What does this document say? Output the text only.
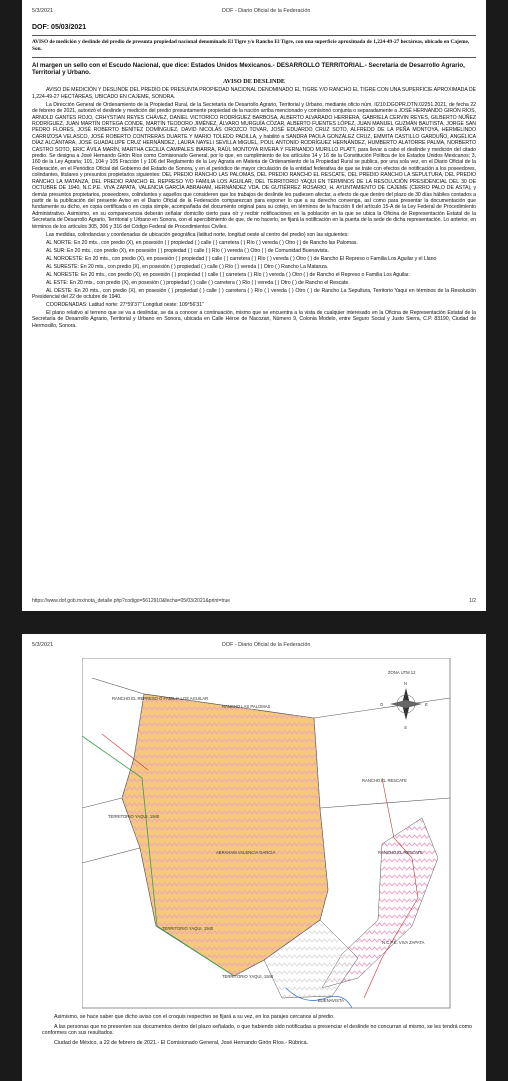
5/3/2021	DOF - Diario Oficial de la Federación
DOF: 05/03/2021
AVISO de medición y deslinde del predio de presunta propiedad nacional denominado El Tigre y/o Rancho El Tigre, con una superficie aproximada de 1,224-49-27 hectáreas, ubicado en Cajeme, Son.
Al margen un sello con el Escudo Nacional, que dice: Estados Unidos Mexicanos.- DESARROLLO TERRITORIAL.- Secretaría de Desarrollo Agrario, Territorial y Urbano.
AVISO DE DESLINDE

AVISO DE MEDICIÓN Y DESLINDE DEL PREDIO DE PRESUNTA PROPIEDAD NACIONAL DENOMINADO EL TIGRE Y/O RANCHO EL TIGRE CON UNA SUPERFICIE APROXIMADA DE 1,224-49-27 HECTÁREAS, UBICADO EN CAJEME, SONORA.

La Dirección General de Ordenamiento de la Propiedad Rural, de la Secretaría de Desarrollo Agrario, Territorial y Urbano, mediante oficio núm. II210.DGOPR.DTN.02251.2021, de fecha 22 de febrero de 2021, autorizó el deslinde y medición del predio presuntamente propiedad de la nación arriba mencionado y comisionó conjunta o separadamente a JOSÉ HERNANDO GIRÓN RÍOS, ARNOLD GANTES ROJO, CRHYSTIAN REYES CHÁVEZ, DANIEL VICTORICO RODRÍGUEZ BARBOSA, ALBERTO ALVARADO HERRERA, GABRIELA CERVIN REYES, GILBERTO NÚÑEZ RODRÍGUEZ, JUAN MARTÍN ORTEGA CONDE, MARTÍN TEODORO JIMÉNEZ, ÁLVARO MURGUÍA CÓZAR, ALBERTO FUENTES LÓPEZ, JUAN MANUEL GUZMÁN BAUTISTA, JORGE SAN PEDRO FLORES, JOSÉ ROBERTO BENÍTEZ DOMÍNGUEZ, DAVID NICOLÁS OROZCO TOVAR, JOSÉ EDUARDO CRUZ SOTO, ALFREDO DE LA PEÑA MONTOYA, HERMELINDO CARRIZOSA VELASCO, JOSÉ ROBERTO CONTRERAS DUARTE Y MARIO TOLEDO PADILLA, y habilitó a SANDRA PAOLA GONZÁLEZ CRUZ, EMMITA CASTILLO GARDUÑO, ANGÉLICA DÍAZ ALCÁNTARA, JOSÉ GUADALUPE CRUZ HERNÁNDEZ, LAURA NAYELI SEVILLA MIGUEL, POUL ANTONIO RODRÍGUEZ HERNÁNDEZ, HUMBERTO ALATORRE PALMA, NORBERTO CASTRO SOTO, ERIC ÁVILA MARÍN, MARTHA CECILIA CAMPALES IBARRA, RAÚL MONTOYA RIVERA Y FERNANDO MURILLO PLATT, para llevar a cabo el deslinde y medición del citado predio. Se designa a José Hernando Girón Ríos como Comisionado General, por lo que, en cumplimiento de los artículos 14 y 16 de la Constitución Política de los Estados Unidos Mexicanos; 3, 160 de la Ley Agraria; 101, 104 y 105 Fracción I y 106 del Reglamento de la Ley Agraria en Materia de Ordenamiento de la Propiedad Rural se publica, por una sola vez, en el Diario Oficial de la Federación, en el Periódico Oficial del Gobierno del Estado de Sonora, y en el periódico de mayor circulación de la entidad federativa de que se trate con efectos de notificación a los poseedores, colindantes, titulares y presuntos propietarios siguientes: DEL PREDIO RANCHO LAS PALOMAS, DEL PREDIO RANCHO EL RESCATE, DEL PREDIO RANCHO LA SEPULTURA, DEL PREDIO RANCHO LA MATANZA, DEL PREDIO RANCHO EL REPRESO Y/O FAMILIA LOS AGUILAR, DEL TERRITORIO YAQUI EN TÉRMINOS DE LA RESOLUCIÓN PRESIDENCIAL DEL 30 DE OCTUBRE DE 1940, N.C.P.E. VIVA ZAPATA, VALENCIA GARCÍA ABRAHAM, HERNÁNDEZ VDA. DE GUTIÉRREZ ROSARIO, H. AYUNTAMIENTO DE CAJEME (CERRO PALO DE ASTA), y demás presuntos propietarios, poseedores, colindantes y aquellos que consideren que los trabajos de deslinde les pudiesen afectar, a efecto de que dentro del plazo de 30 días hábiles contados a partir de la publicación del presente Aviso en el Diario Oficial de la Federación comparezcan para exponer lo que a su derecho convenga, así como para presentar la documentación que fundamente su dicho, en copia certificada o en copia simple, acompañada del documento original para su cotejo, en términos de la fracción II del artículo 15-A de la Ley Federal de Procedimiento Administrativo. Asimismo, en su comparecencia deberán señalar domicilio cierto para oír y recibir notificaciones en la población en la que se ubica la Oficina de Representación Estatal de la Secretaría de Desarrollo Agrario, Territorial y Urbano en Sonora, con el apercibimiento de que, de no hacerlo, se fijará la notificación en la puerta de la sede de dicha representación. Lo anterior, en términos de los artículos 305, 306 y 316 del Código Federal de Procedimientos Civiles.

Las medidas, colindancias y coordenadas de ubicación geográfica (latitud norte, longitud oeste al centro del predio) son las siguientes:

AL NORTE: En 20 mts., con predio (X), en posesión ( ) propiedad ( ) calle ( ) carretera ( ) Río ( ) vereda ( ) Otro ( ) de Rancho las Palomas.

AL SUR: En 20 mts., con predio (X), en posesión ( ) propiedad ( ) calle ( ) Río ( ) vereda ( ) Otro ( ) de Comunidad Buenavista.

AL NOROESTE: En 20 mts., con predio (X), en posesión ( ) propiedad ( ) calle ( ) carretera ( ) Río ( ) vereda ( ) Otro ( ) de Rancho El Represo o Familia Los Aguilar y el Llano

AL SURESTE: En 20 mts., con predio (X), en posesión ( ) propiedad ( ) calle ( ) Río ( ) vereda ( ) Otro ( ) Rancho La Matanza.

AL NORESTE: En 20 mts., con predio (X), en posesión ( ) propiedad ( ) calle ( ) carretera ( ) Río ( ) vereda ( ) Otro ( ) de Rancho el Represo o Familia Los Aguilar.

AL ESTE: En 20 mts., con predio (X), en posesión ( ) propiedad ( ) calle ( ) carretera ( ) Río ( ) vereda ( ) Otro ( ) de Rancho el Rescate.

AL OESTE: En 20 mts., con predio (X), en posesión ( ) propiedad ( ) calle ( ) carretera ( ) Río ( ) vereda ( ) Otro ( ) de Rancho La Sepultura, Territorio Yaqui en términos de la Resolución Presidencial del 22 de octubre de 1940.

COORDENADAS: Latitud norte: 27°59'37" Longitud oeste: 109°56'31"

El plano relativo al terreno que se va a deslindar, se da a conocer a continuación, mismo que se encuentra a la vista de cualquier interesado en la Oficina de Representación Estatal de la Secretaría de Desarrollo Agrario, Territorial y Urbano en Sonora, ubicada en Calle Héroe de Nacozari, Número 9, Colonia Modelo, entre Seguro Social y Justo Sierra, C.P. 83190, Ciudad de Hermosillo, Sonora.

https://www.dof.gob.mx/nota_detalle.php?codigo=5612910&fecha=05/03/2021&print=true	1/2
5/3/2021	DOF - Diario Oficial de la Federación
ZONA UTM 12
N
S
E
O
RANCHO EL REPRESO O FAMILIA LOS AGUILAR
RANCHO LAS PALOMAS
RANCHO EL RESCATE
TERRITORIO YAQUI, 1940
ABRAHAM VALENCIA GARCÍA	RANCHO EL RESCATE
TERRITORIO YAQUI, 1940
TERRITORIO YAQUI, 1940
N.C.P.E. VIVA ZAPATA
BUENAVISTA

Asimismo, se hace saber que dicho aviso con el croquis respectivo se fijará a su vez, en los parajes cercanos al predio.

A las personas que no presenten sus documentos dentro del plazo señalado, o que habiendo sido notificadas a presenciar el deslinde no concurran al mismo, se les tendrá como conformes con sus resultados.

Ciudad de México, a 22 de febrero de 2021.- El Comisionado General, José Hernando Girón Ríos.- Rúbrica.
